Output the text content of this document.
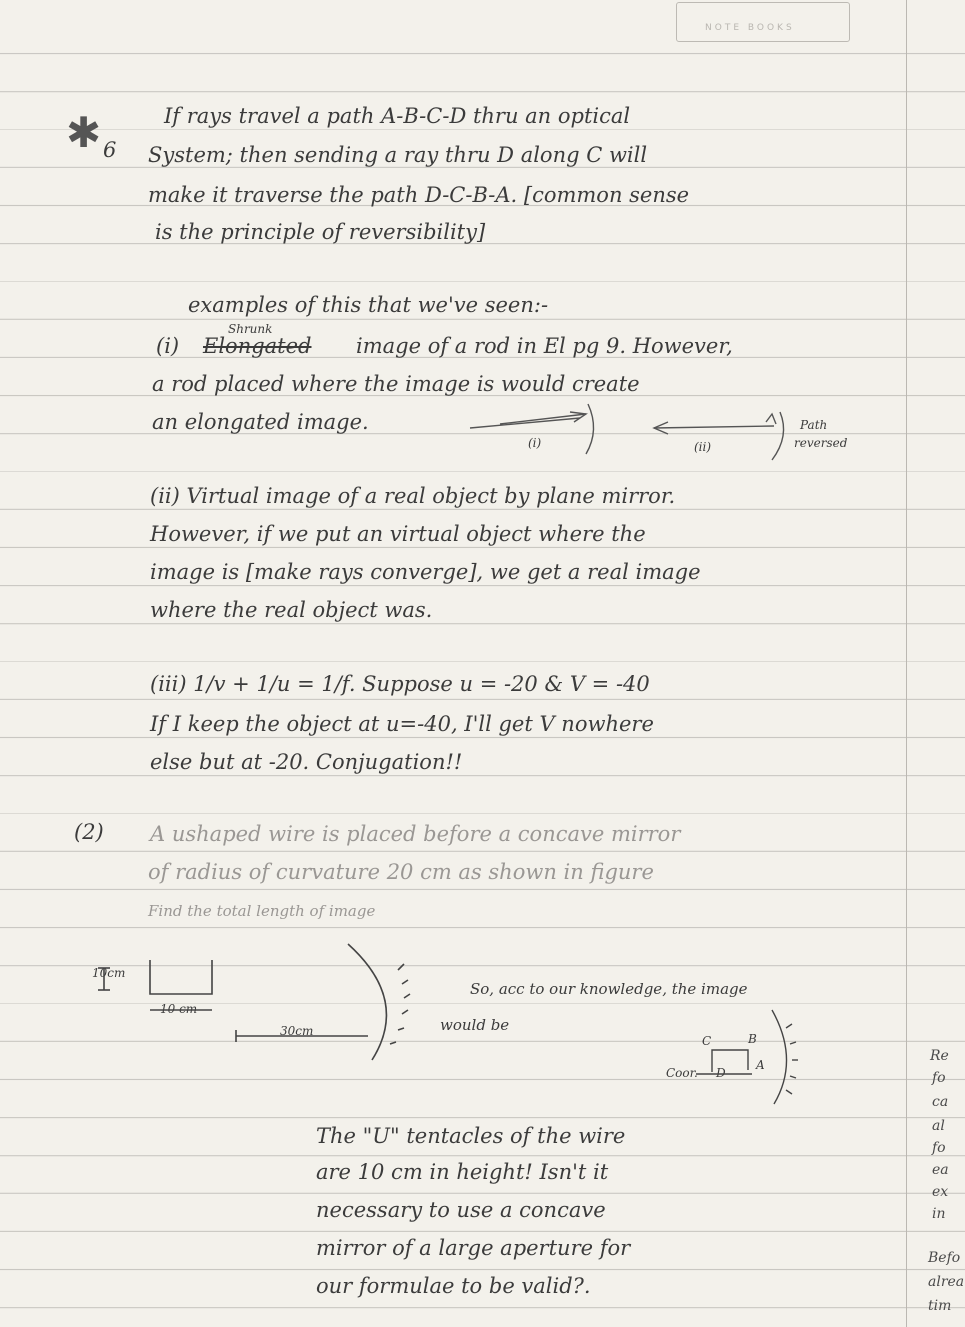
NOTE BOOKS
✱ 6
If rays travel a path A-B-C-D thru an optical
System; then sending a ray thru D along C will
make it traverse the path D-C-B-A. [common sense
is the principle of reversibility]
examples of this that we've seen:-
Shrunk
(i) Elongated image of a rod in El pg 9. However,
a rod placed where the image is would create
an elongated image.
(i)	(ii)
Path
reversed
(ii) Virtual image of a real object by plane mirror.
However, if we put an virtual object where the
image is [make rays converge], we get a real image
where the real object was.
(iii) 1/v + 1/u = 1/f. Suppose u = -20 & V = -40
If I keep the object at u=-40, I'll get V nowhere
else but at -20. Conjugation!!
(2) A ushaped wire is placed before a concave mirror
of radius of curvature 20 cm as shown in figure
Find the total length of image
10cm
10 cm
30cm
So, acc to our knowledge, the image
would be
C	B
A
D
Coor.
The "U" tentacles of the wire
are 10 cm in height! Isn't it
necessary to use a concave
mirror of a large aperture for
our formulae to be valid?.
Re
fo
ca
al
fo
ea
ex
in
Befo
alrea
tim
